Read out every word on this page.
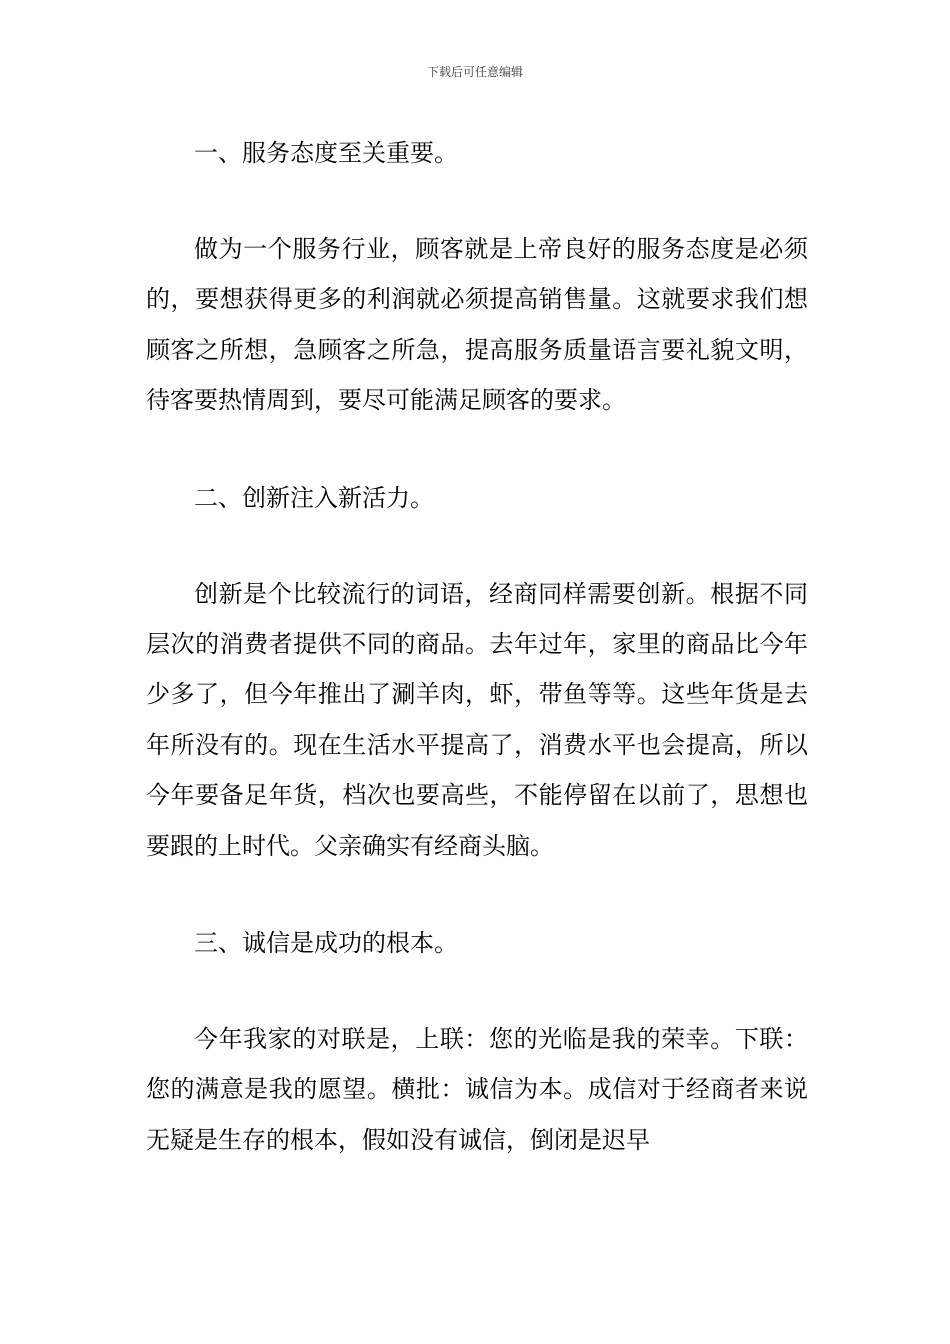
下载后可任意编辑
一、服务态度至关重要。

做为一个服务行业，顾客就是上帝良好的服务态度是必须的，要想获得更多的利润就必须提高销售量。这就要求我们想顾客之所想，急顾客之所急，提高服务质量语言要礼貌文明，待客要热情周到，要尽可能满足顾客的要求。

二、创新注入新活力。

创新是个比较流行的词语，经商同样需要创新。根据不同层次的消费者提供不同的商品。去年过年，家里的商品比今年少多了，但今年推出了涮羊肉，虾，带鱼等等。这些年货是去年所没有的。现在生活水平提高了，消费水平也会提高，所以今年要备足年货，档次也要高些，不能停留在以前了，思想也要跟的上时代。父亲确实有经商头脑。

三、诚信是成功的根本。

今年我家的对联是，上联：您的光临是我的荣幸。下联：您的满意是我的愿望。横批：诚信为本。成信对于经商者来说无疑是生存的根本，假如没有诚信，倒闭是迟早
